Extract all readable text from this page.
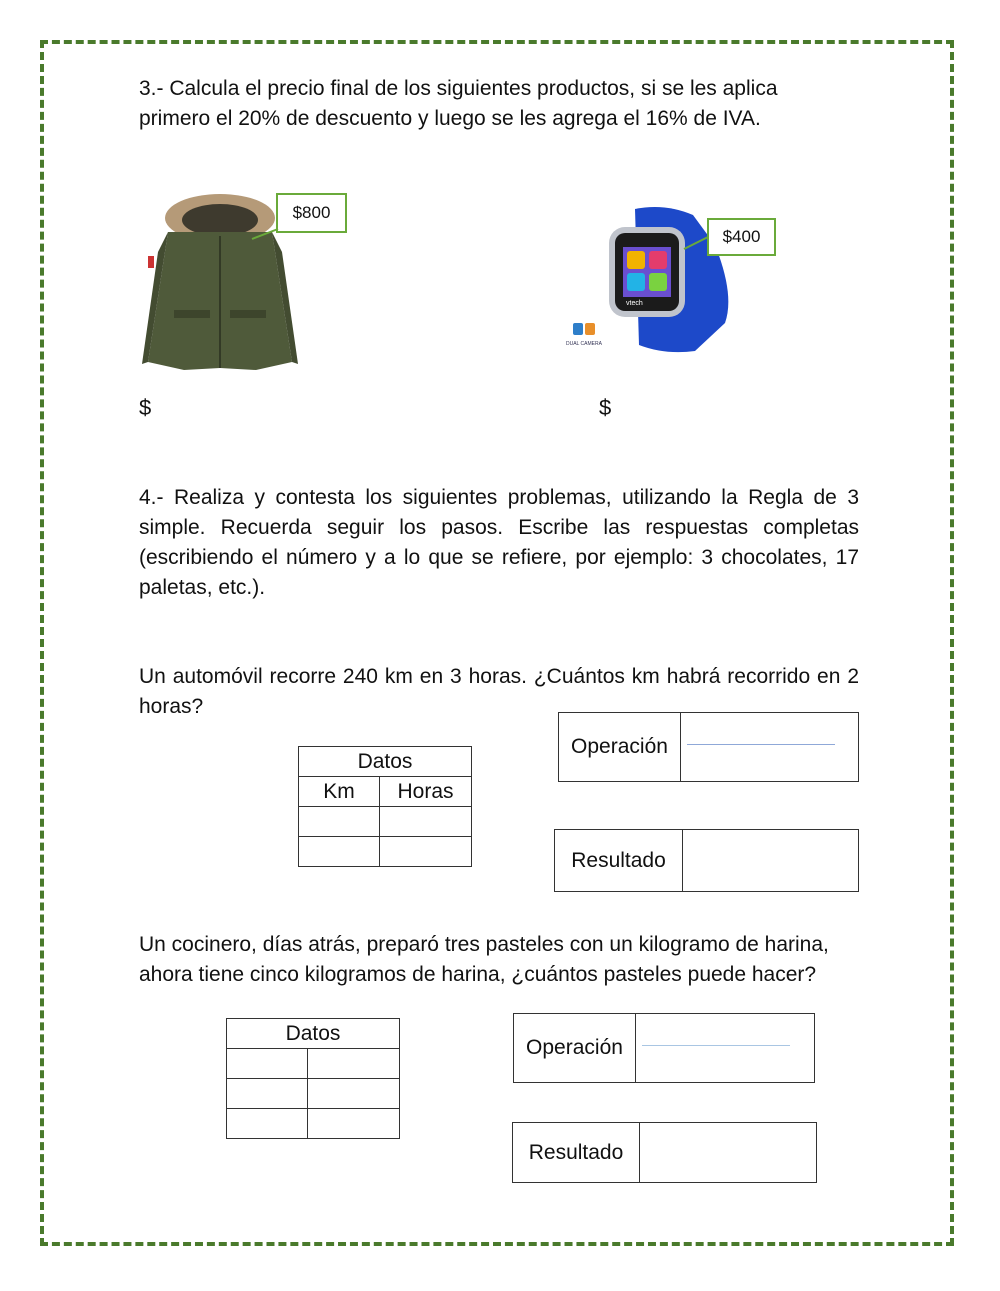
3.- Calcula el precio final de los siguientes productos, si se les aplica primero el 20% de descuento y luego se les agrega el 16% de IVA.
$800
$
vtech
DUAL CAMERA
$400
$
4.- Realiza y contesta los siguientes problemas, utilizando la Regla de 3 simple. Recuerda seguir los pasos. Escribe las respuestas completas (escribiendo el número y a lo que se refiere, por ejemplo: 3 chocolates, 17 paletas, etc.).
Un automóvil recorre 240 km en 3 horas. ¿Cuántos km habrá recorrido en 2 horas?
Datos	
Km	Horas

Operación
Resultado
Un cocinero, días atrás, preparó tres pasteles con un kilogramo de harina, ahora tiene cinco kilogramos de harina, ¿cuántos pasteles puede hacer?
Datos	

Operación
Resultado
